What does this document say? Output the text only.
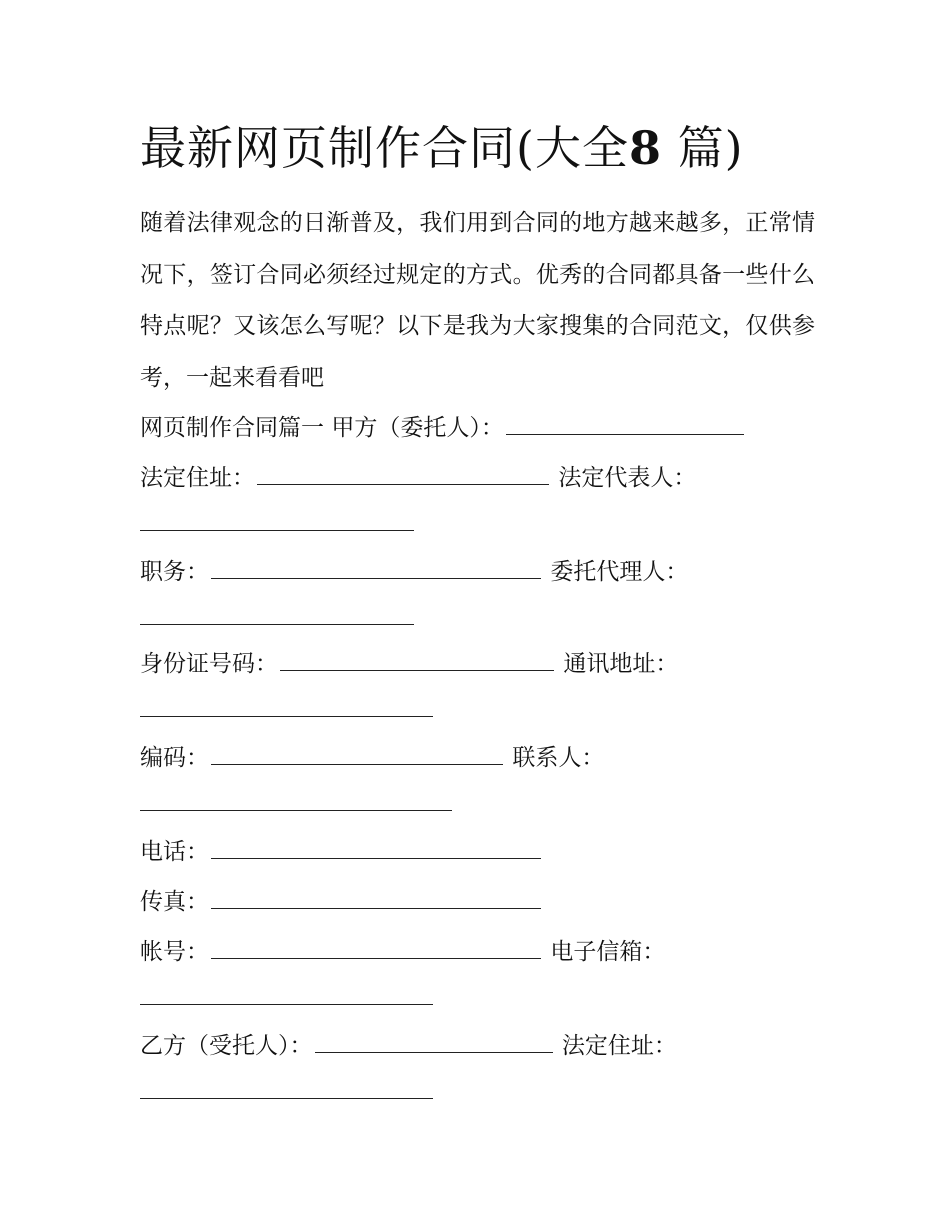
最新网页制作合同(大全8 篇)

随着法律观念的日渐普及，我们用到合同的地方越来越多，正常情况下，签订合同必须经过规定的方式。优秀的合同都具备一些什么特点呢？又该怎么写呢？以下是我为大家搜集的合同范文，仅供参考，一起来看看吧

网页制作合同篇一 甲方（委托人）：
法定住址：	法定代表人：
职务：	委托代理人：
身份证号码：	通讯地址：
编码：	联系人：
电话：
传真：
帐号：	电子信箱：
乙方（受托人）：	法定住址：
